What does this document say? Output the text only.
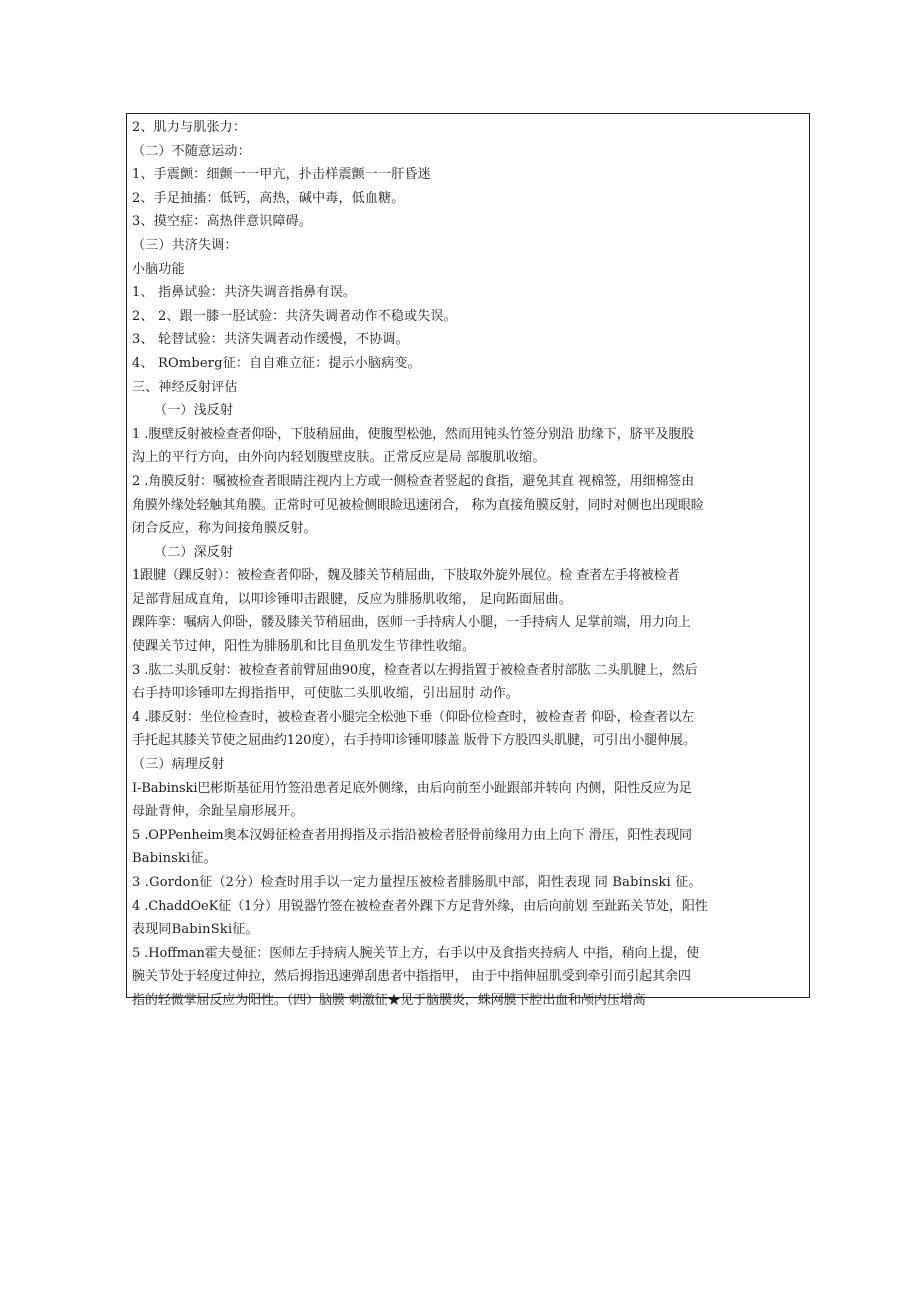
2、肌力与肌张力：
（二）不随意运动：
1、手震颤：细颤一一甲亢，扑击样震颤一一肝昏迷
2、手足抽搐：低钙，高热，碱中毒，低血糖。
3、摸空症：高热伴意识障碍。
（三）共济失调：
小脑功能
1、 指鼻试验：共济失调音指鼻有误。
2、 2、跟一膝一胫试验：共济失调者动作不稳或失误。
3、 轮替试验：共济失调者动作缓慢，不协调。
4、 ROmberg征：自自难立征：提示小脑病变。
三、神经反射评估
（一）浅反射
1 .腹壁反射被检查者仰卧，下肢稍屈曲，使腹型松弛，然而用钝头竹签分别沿 肋缘下，脐平及腹股
沟上的平行方向，由外向内轻划腹壁皮肤。正常反应是局 部腹肌收缩。
2 .角膜反射：嘱被检查者眼睛注视内上方或一侧检查者竖起的食指，避免其直 视棉签，用细棉签由
角膜外缘处轻触其角膜。正常时可见被检侧眼睑迅速闭合， 称为直接角膜反射，同时对侧也出现眼睑
闭合反应，称为间接角膜反射。
（二）深反射
1跟腱（踝反射）：被检查者仰卧，魏及膝关节稍屈曲，下肢取外旋外展位。检 查者左手将被检者
足部背屈成直角，以叩诊锤叩击跟腱，反应为腓肠肌收缩， 足向跖面屈曲。
踝阵挛：嘱病人仰卧，髅及膝关节稍屈曲，医师一手持病人小腿，一手持病人 足掌前端，用力向上
使踝关节过伸，阳性为腓肠肌和比目鱼肌发生节律性收缩。
3 .肱二头肌反射：被检查者前臂屈曲90度，检查者以左拇指置于被检查者肘部肱 二头肌腱上，然后
右手持叩诊锤叩左拇指指甲，可使肱二头肌收缩，引出屈肘 动作。
4 .膝反射：坐位检查时，被检查者小腿完全松弛下垂（仰卧位检查时，被检查者 仰卧，检查者以左
手托起其膝关节使之屈曲约120度），右手持叩诊锤叩膝盖 版骨下方股四头肌腱，可引出小腿伸展。
（三）病理反射
I-Babinski巴彬斯基征用竹签沿患者足底外侧缘，由后向前至小趾跟部并转向 内侧，阳性反应为足
母趾背伸，余趾呈扇形展开。
5 .OPPenheim奥本汉姆征检查者用拇指及示指沿被检者胫骨前缘用力由上向下 滑压，阳性表现同
Babinski征。
3 .Gordon征（2分）检查时用手以一定力量捏压被检者腓肠肌中部，阳性表现 同 Babinski 征。
4 .ChaddOeK征（1分）用锐器竹签在被检查者外踝下方足背外缘，由后向前划 至趾跖关节处，阳性
表现同BabinSki征。
5 .Hoffman霍夫曼征：医师左手持病人腕关节上方，右手以中及食指夹持病人 中指，稍向上提，使
腕关节处于轻度过伸拉，然后拇指迅速弹刮患者中指指甲， 由于中指伸屈肌受到牵引而引起其余四
指的轻微掌屈反应为阳性。（四）脑膜 刺激征★见于脑膜炎，蛛网膜下腔出血和颅内压增高
